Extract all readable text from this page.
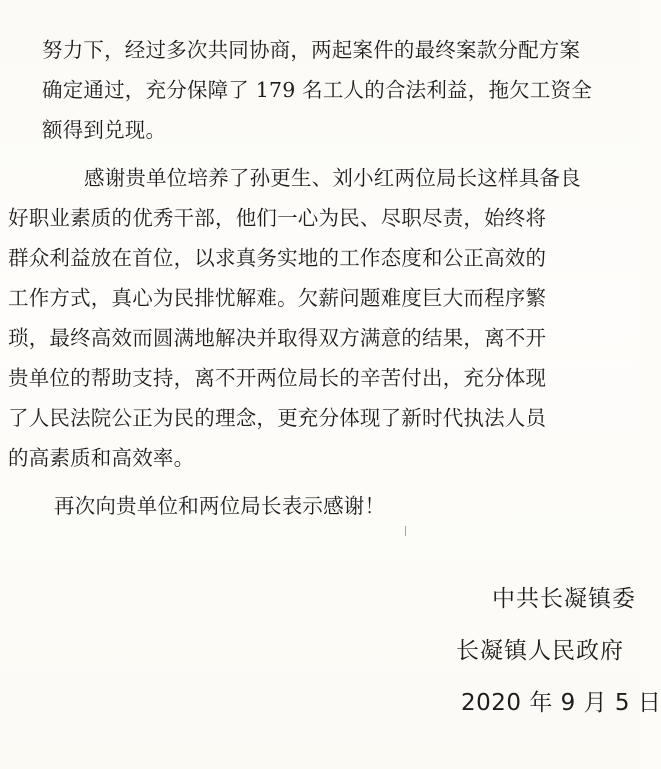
努力下，经过多次共同协商，两起案件的最终案款分配方案
确定通过，充分保障了 179 名工人的合法利益，拖欠工资全
额得到兑现。
感谢贵单位培养了孙更生、刘小红两位局长这样具备良
好职业素质的优秀干部，他们一心为民、尽职尽责，始终将
群众利益放在首位，以求真务实地的工作态度和公正高效的
工作方式，真心为民排忧解难。欠薪问题难度巨大而程序繁
琐，最终高效而圆满地解决并取得双方满意的结果，离不开
贵单位的帮助支持，离不开两位局长的辛苦付出，充分体现
了人民法院公正为民的理念，更充分体现了新时代执法人员
的高素质和高效率。
再次向贵单位和两位局长表示感谢！
中共长凝镇委
长凝镇人民政府
2020 年 9 月 5 日
